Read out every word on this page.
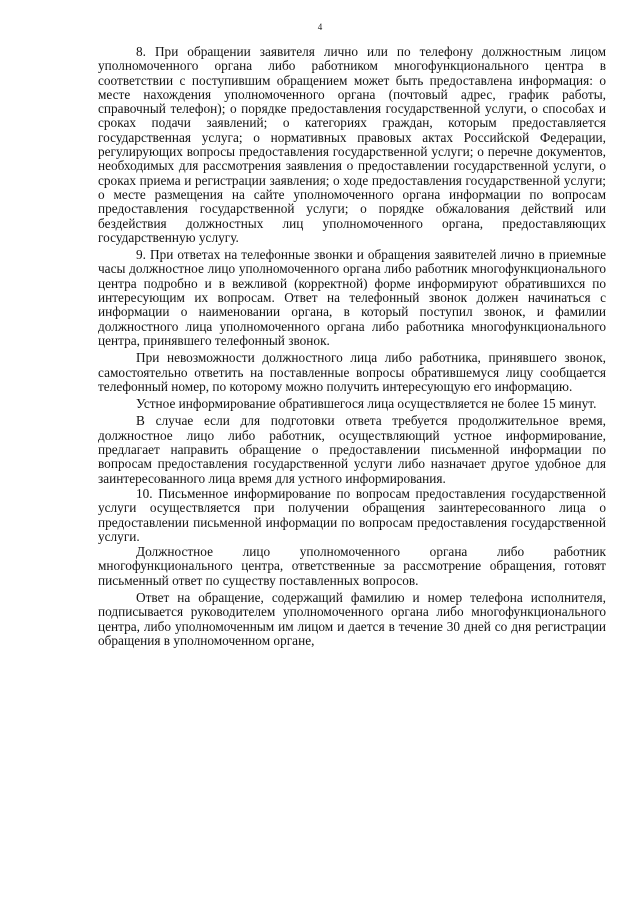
4

8. При обращении заявителя лично или по телефону должностным лицом уполномоченного органа либо работником многофункционального центра в соответствии с поступившим обращением может быть предоставлена информация: о месте нахождения уполномоченного органа (почтовый адрес, график работы, справочный телефон); о порядке предоставления государственной услуги, о способах и сроках подачи заявлений; о категориях граждан, которым предоставляется государственная услуга; о нормативных правовых актах Российской Федерации, регулирующих вопросы предоставления государственной услуги; о перечне документов, необходимых для рассмотрения заявления о предоставлении государственной услуги, о сроках приема и регистрации заявления; о ходе предоставления государственной услуги; о месте размещения на сайте уполномоченного органа информации по вопросам предоставления государственной услуги; о порядке обжалования действий или бездействия должностных лиц уполномоченного органа, предоставляющих государственную услугу.

9. При ответах на телефонные звонки и обращения заявителей лично в приемные часы должностное лицо уполномоченного органа либо работник многофункционального центра подробно и в вежливой (корректной) форме информируют обратившихся по интересующим их вопросам. Ответ на телефонный звонок должен начинаться с информации о наименовании органа, в который поступил звонок, и фамилии должностного лица уполномоченного органа либо работника многофункционального центра, принявшего телефонный звонок.

При невозможности должностного лица либо работника, принявшего звонок, самостоятельно ответить на поставленные вопросы обратившемуся лицу сообщается телефонный номер, по которому можно получить интересующую его информацию.

Устное информирование обратившегося лица осуществляется не более 15 минут.

В случае если для подготовки ответа требуется продолжительное время, должностное лицо либо работник, осуществляющий устное информирование, предлагает направить обращение о предоставлении письменной информации по вопросам предоставления государственной услуги либо назначает другое удобное для заинтересованного лица время для устного информирования.

10. Письменное информирование по вопросам предоставления государственной услуги осуществляется при получении обращения заинтересованного лица о предоставлении письменной информации по вопросам предоставления государственной услуги.

Должностное лицо уполномоченного органа либо работник многофункционального центра, ответственные за рассмотрение обращения, готовят письменный ответ по существу поставленных вопросов.

Ответ на обращение, содержащий фамилию и номер телефона исполнителя, подписывается руководителем уполномоченного органа либо многофункционального центра, либо уполномоченным им лицом и дается в течение 30 дней со дня регистрации обращения в уполномоченном органе,
